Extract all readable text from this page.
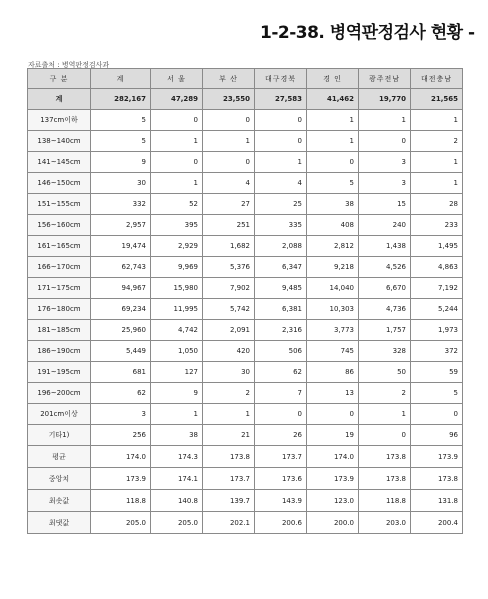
1-2-38. 병역판정검사 현황 -
자료출처 : 병역판정검사과
구 분	계	서 울	부 산	대구경북	경 인	광주전남	대전충남
계	282,167	47,289	23,550	27,583	41,462	19,770	21,565
137cm이하	5	0	0	0	1	1	1
138~140cm	5	1	1	0	1	0	2
141~145cm	9	0	0	1	0	3	1
146~150cm	30	1	4	4	5	3	1
151~155cm	332	52	27	25	38	15	28
156~160cm	2,957	395	251	335	408	240	233
161~165cm	19,474	2,929	1,682	2,088	2,812	1,438	1,495
166~170cm	62,743	9,969	5,376	6,347	9,218	4,526	4,863
171~175cm	94,967	15,980	7,902	9,485	14,040	6,670	7,192
176~180cm	69,234	11,995	5,742	6,381	10,303	4,736	5,244
181~185cm	25,960	4,742	2,091	2,316	3,773	1,757	1,973
186~190cm	5,449	1,050	420	506	745	328	372
191~195cm	681	127	30	62	86	50	59
196~200cm	62	9	2	7	13	2	5
201cm이상	3	1	1	0	0	1	0
기타1)	256	38	21	26	19	0	96
평균	174.0	174.3	173.8	173.7	174.0	173.8	173.9
중앙치	173.9	174.1	173.7	173.6	173.9	173.8	173.8
최솟값	118.8	140.8	139.7	143.9	123.0	118.8	131.8
최댓값	205.0	205.0	202.1	200.6	200.0	203.0	200.4
